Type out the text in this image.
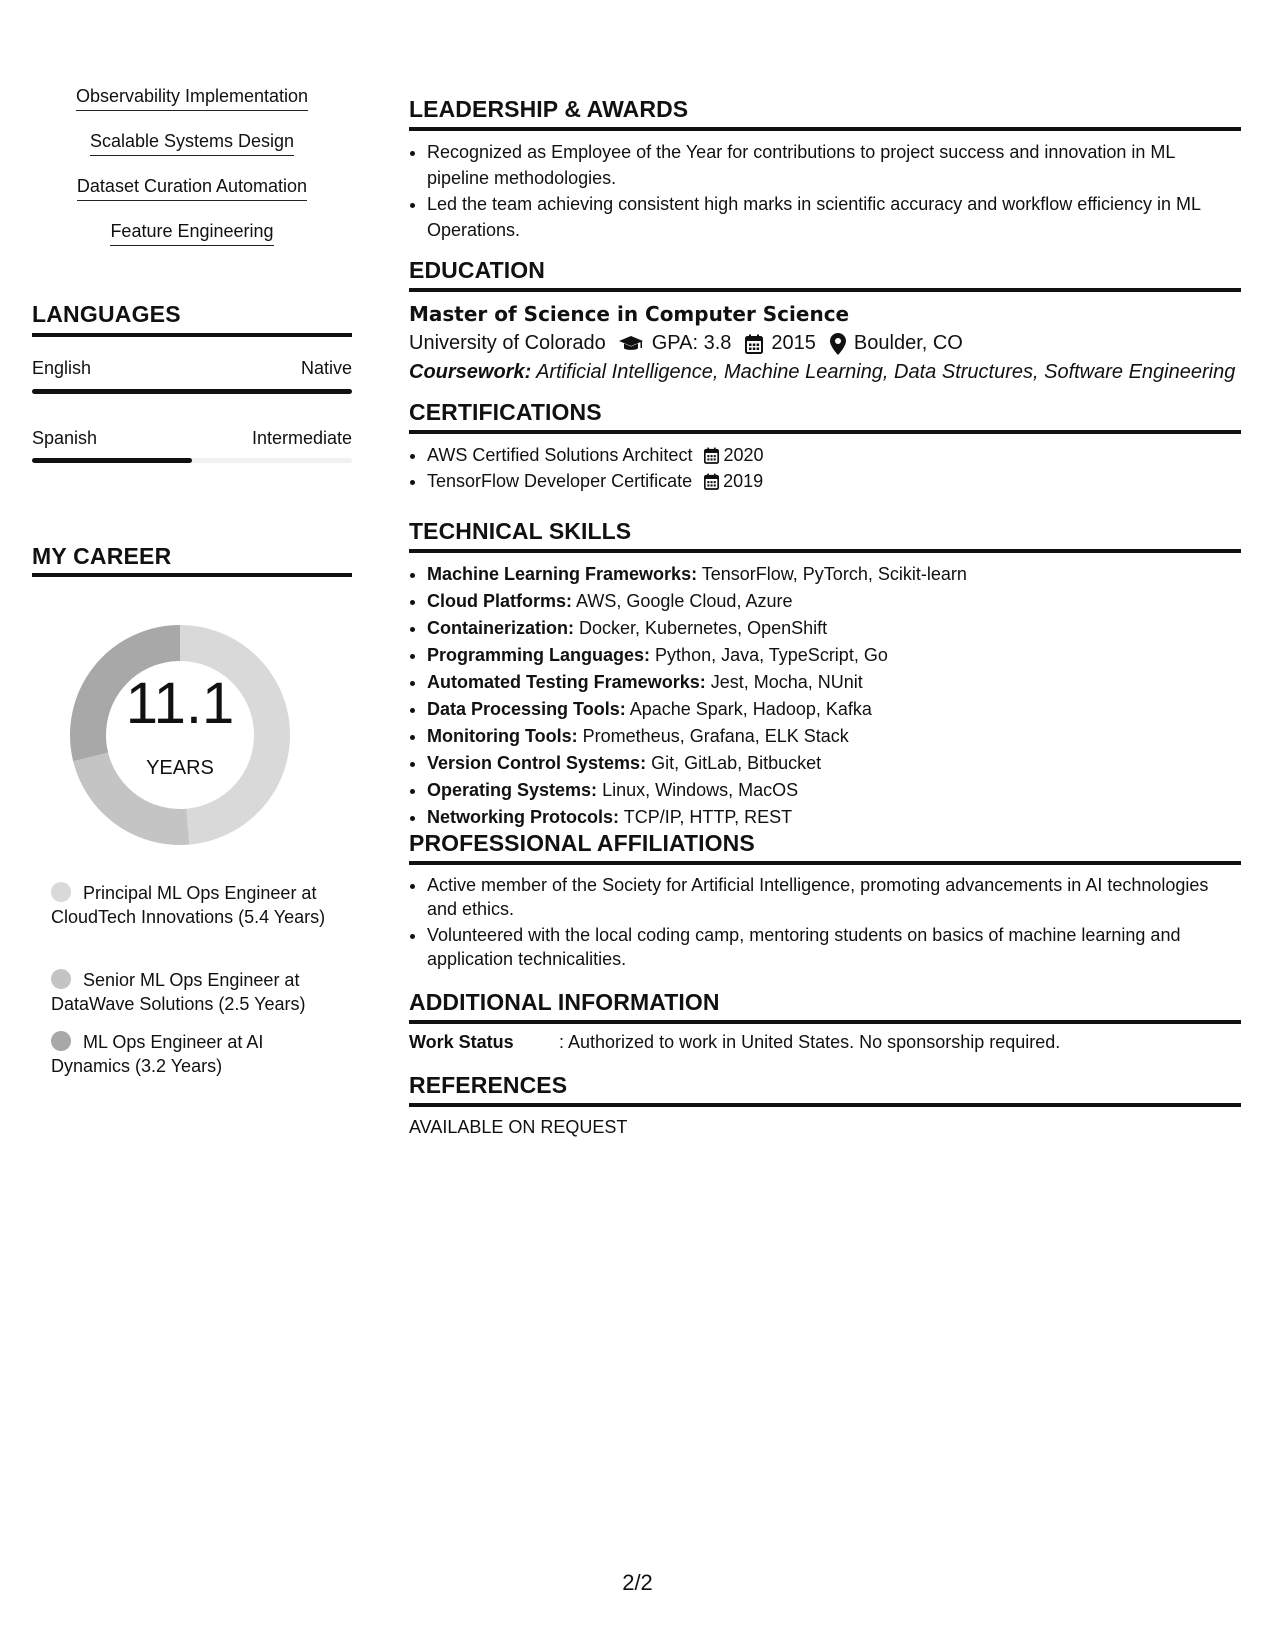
Observability Implementation
Scalable Systems Design
Dataset Curation Automation
Feature Engineering
LANGUAGES
English	Native
Spanish	Intermediate
MY CAREER
11.1
YEARS
Principal ML Ops Engineer at CloudTech Innovations (5.4 Years)
Senior ML Ops Engineer at DataWave Solutions (2.5 Years)
ML Ops Engineer at AI Dynamics (3.2 Years)
LEADERSHIP & AWARDS
• Recognized as Employee of the Year for contributions to project success and innovation in ML pipeline methodologies.
• Led the team achieving consistent high marks in scientific accuracy and workflow efficiency in ML Operations.
EDUCATION
Master of Science in Computer Science
University of Colorado GPA: 3.8 2015 Boulder, CO
Coursework: Artificial Intelligence, Machine Learning, Data Structures, Software Engineering
CERTIFICATIONS
• AWS Certified Solutions Architect 2020
• TensorFlow Developer Certificate 2019
TECHNICAL SKILLS
• Machine Learning Frameworks: TensorFlow, PyTorch, Scikit-learn
• Cloud Platforms: AWS, Google Cloud, Azure
• Containerization: Docker, Kubernetes, OpenShift
• Programming Languages: Python, Java, TypeScript, Go
• Automated Testing Frameworks: Jest, Mocha, NUnit
• Data Processing Tools: Apache Spark, Hadoop, Kafka
• Monitoring Tools: Prometheus, Grafana, ELK Stack
• Version Control Systems: Git, GitLab, Bitbucket
• Operating Systems: Linux, Windows, MacOS
• Networking Protocols: TCP/IP, HTTP, REST
PROFESSIONAL AFFILIATIONS
• Active member of the Society for Artificial Intelligence, promoting advancements in AI technologies and ethics.
• Volunteered with the local coding camp, mentoring students on basics of machine learning and application technicalities.
ADDITIONAL INFORMATION
Work Status	: Authorized to work in United States. No sponsorship required.
REFERENCES
AVAILABLE ON REQUEST
2/2
